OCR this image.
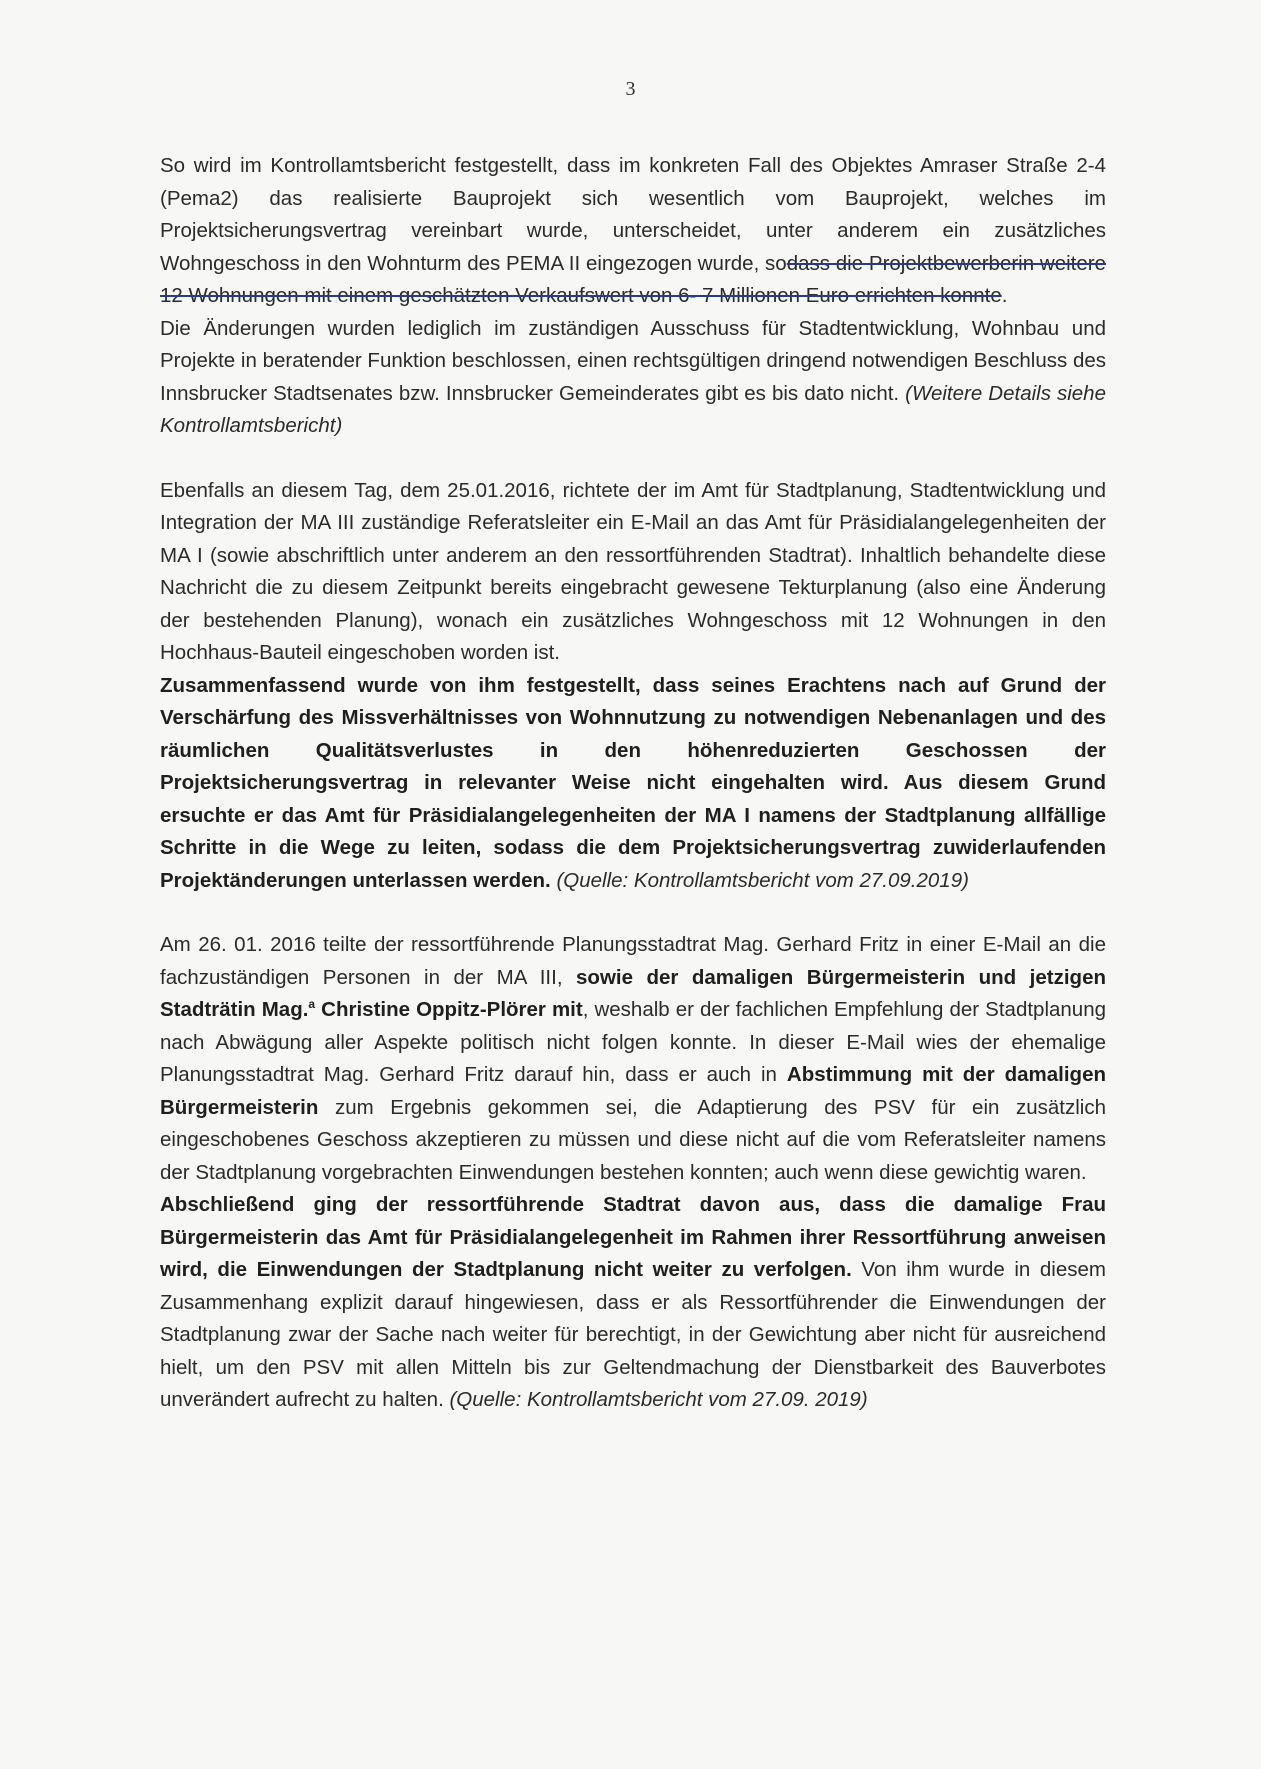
3

So wird im Kontrollamtsbericht festgestellt, dass im konkreten Fall des Objektes Amraser Straße 2-4 (Pema2) das realisierte Bauprojekt sich wesentlich vom Bauprojekt, welches im Projektsicherungsvertrag vereinbart wurde, unterscheidet, unter anderem ein zusätzliches Wohngeschoss in den Wohnturm des PEMA II eingezogen wurde, sodass die Projektbewerberin weitere 12 Wohnungen mit einem geschätzten Verkaufswert von 6- 7 Millionen Euro errichten konnte.

Die Änderungen wurden lediglich im zuständigen Ausschuss für Stadtentwicklung, Wohnbau und Projekte in beratender Funktion beschlossen, einen rechtsgültigen dringend notwendigen Beschluss des Innsbrucker Stadtsenates bzw. Innsbrucker Gemeinderates gibt es bis dato nicht. (Weitere Details siehe Kontrollamtsbericht)

Ebenfalls an diesem Tag, dem 25.01.2016, richtete der im Amt für Stadtplanung, Stadtentwicklung und Integration der MA III zuständige Referatsleiter ein E-Mail an das Amt für Präsidialangelegenheiten der MA I (sowie abschriftlich unter anderem an den ressortführenden Stadtrat). Inhaltlich behandelte diese Nachricht die zu diesem Zeitpunkt bereits eingebracht gewesene Tekturplanung (also eine Änderung der bestehenden Planung), wonach ein zusätzliches Wohngeschoss mit 12 Wohnungen in den Hochhaus-Bauteil eingeschoben worden ist.

Zusammenfassend wurde von ihm festgestellt, dass seines Erachtens nach auf Grund der Verschärfung des Missverhältnisses von Wohnnutzung zu notwendigen Nebenanlagen und des räumlichen Qualitätsverlustes in den höhenreduzierten Geschossen der Projektsicherungsvertrag in relevanter Weise nicht eingehalten wird. Aus diesem Grund ersuchte er das Amt für Präsidialangelegenheiten der MA I namens der Stadtplanung allfällige Schritte in die Wege zu leiten, sodass die dem Projektsicherungsvertrag zuwiderlaufenden Projektänderungen unterlassen werden. (Quelle: Kontrollamtsbericht vom 27.09.2019)

Am 26. 01. 2016 teilte der ressortführende Planungsstadtrat Mag. Gerhard Fritz in einer E-Mail an die fachzuständigen Personen in der MA III, sowie der damaligen Bürgermeisterin und jetzigen Stadträtin Mag.$^a$ Christine Oppitz-Plörer mit, weshalb er der fachlichen Empfehlung der Stadtplanung nach Abwägung aller Aspekte politisch nicht folgen konnte. In dieser E-Mail wies der ehemalige Planungsstadtrat Mag. Gerhard Fritz darauf hin, dass er auch in Abstimmung mit der damaligen Bürgermeisterin zum Ergebnis gekommen sei, die Adaptierung des PSV für ein zusätzlich eingeschobenes Geschoss akzeptieren zu müssen und diese nicht auf die vom Referatsleiter namens der Stadtplanung vorgebrachten Einwendungen bestehen konnten; auch wenn diese gewichtig waren.

Abschließend ging der ressortführende Stadtrat davon aus, dass die damalige Frau Bürgermeisterin das Amt für Präsidialangelegenheit im Rahmen ihrer Ressortführung anweisen wird, die Einwendungen der Stadtplanung nicht weiter zu verfolgen. Von ihm wurde in diesem Zusammenhang explizit darauf hingewiesen, dass er als Ressortführender die Einwendungen der Stadtplanung zwar der Sache nach weiter für berechtigt, in der Gewichtung aber nicht für ausreichend hielt, um den PSV mit allen Mitteln bis zur Geltendmachung der Dienstbarkeit des Bauverbotes unverändert aufrecht zu halten. (Quelle: Kontrollamtsbericht vom 27.09. 2019)
